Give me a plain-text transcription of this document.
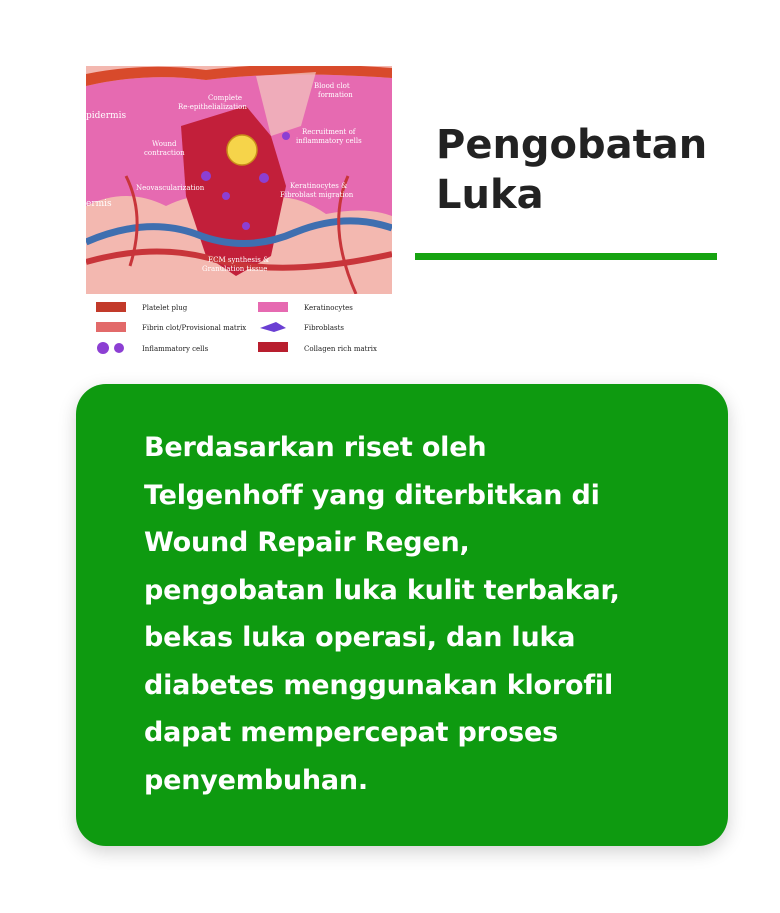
pidermis
ermis
Complete Re-epithelialization
Blood clot formation
Wound contraction
Recruitment of inflammatory cells
Neovascularization	Keratinocytes & Fibroblast migration
ECM synthesis & Granulation tissue
Platelet plug
Fibrin clot/Provisional matrix
Inflammatory cells
Keratinocytes
Fibroblasts
Collagen rich matrix
Pengobatan
Luka
Berdasarkan riset oleh
Telgenhoff yang diterbitkan di
Wound Repair Regen,
pengobatan luka kulit terbakar,
bekas luka operasi, dan luka
diabetes menggunakan klorofil
dapat mempercepat proses
penyembuhan.
